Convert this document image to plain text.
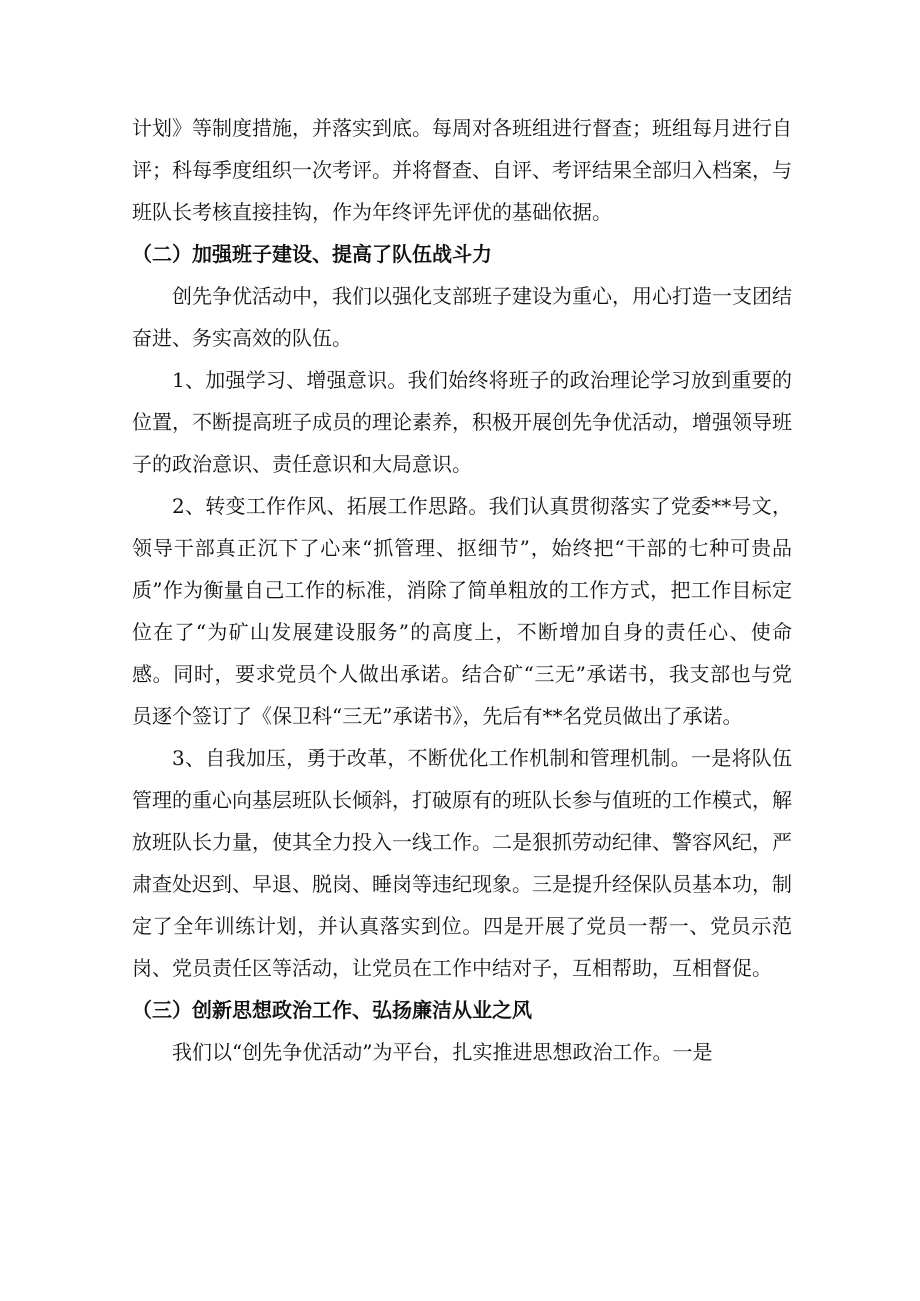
计划》等制度措施，并落实到底。每周对各班组进行督查；班组每月进行自评；科每季度组织一次考评。并将督查、自评、考评结果全部归入档案，与班队长考核直接挂钩，作为年终评先评优的基础依据。

（二）加强班子建设、提高了队伍战斗力

创先争优活动中，我们以强化支部班子建设为重心，用心打造一支团结奋进、务实高效的队伍。

1、加强学习、增强意识。我们始终将班子的政治理论学习放到重要的位置，不断提高班子成员的理论素养，积极开展创先争优活动，增强领导班子的政治意识、责任意识和大局意识。

2、转变工作作风、拓展工作思路。我们认真贯彻落实了党委**号文，领导干部真正沉下了心来“抓管理、抠细节”，始终把“干部的七种可贵品质”作为衡量自己工作的标准，消除了简单粗放的工作方式，把工作目标定位在了“为矿山发展建设服务”的高度上，不断增加自身的责任心、使命感。同时，要求党员个人做出承诺。结合矿“三无”承诺书，我支部也与党员逐个签订了《保卫科“三无”承诺书》，先后有**名党员做出了承诺。

3、自我加压，勇于改革，不断优化工作机制和管理机制。一是将队伍管理的重心向基层班队长倾斜，打破原有的班队长参与值班的工作模式，解放班队长力量，使其全力投入一线工作。二是狠抓劳动纪律、警容风纪，严肃查处迟到、早退、脱岗、睡岗等违纪现象。三是提升经保队员基本功，制定了全年训练计划，并认真落实到位。四是开展了党员一帮一、党员示范岗、党员责任区等活动，让党员在工作中结对子，互相帮助，互相督促。

（三）创新思想政治工作、弘扬廉洁从业之风

我们以“创先争优活动”为平台，扎实推进思想政治工作。一是
